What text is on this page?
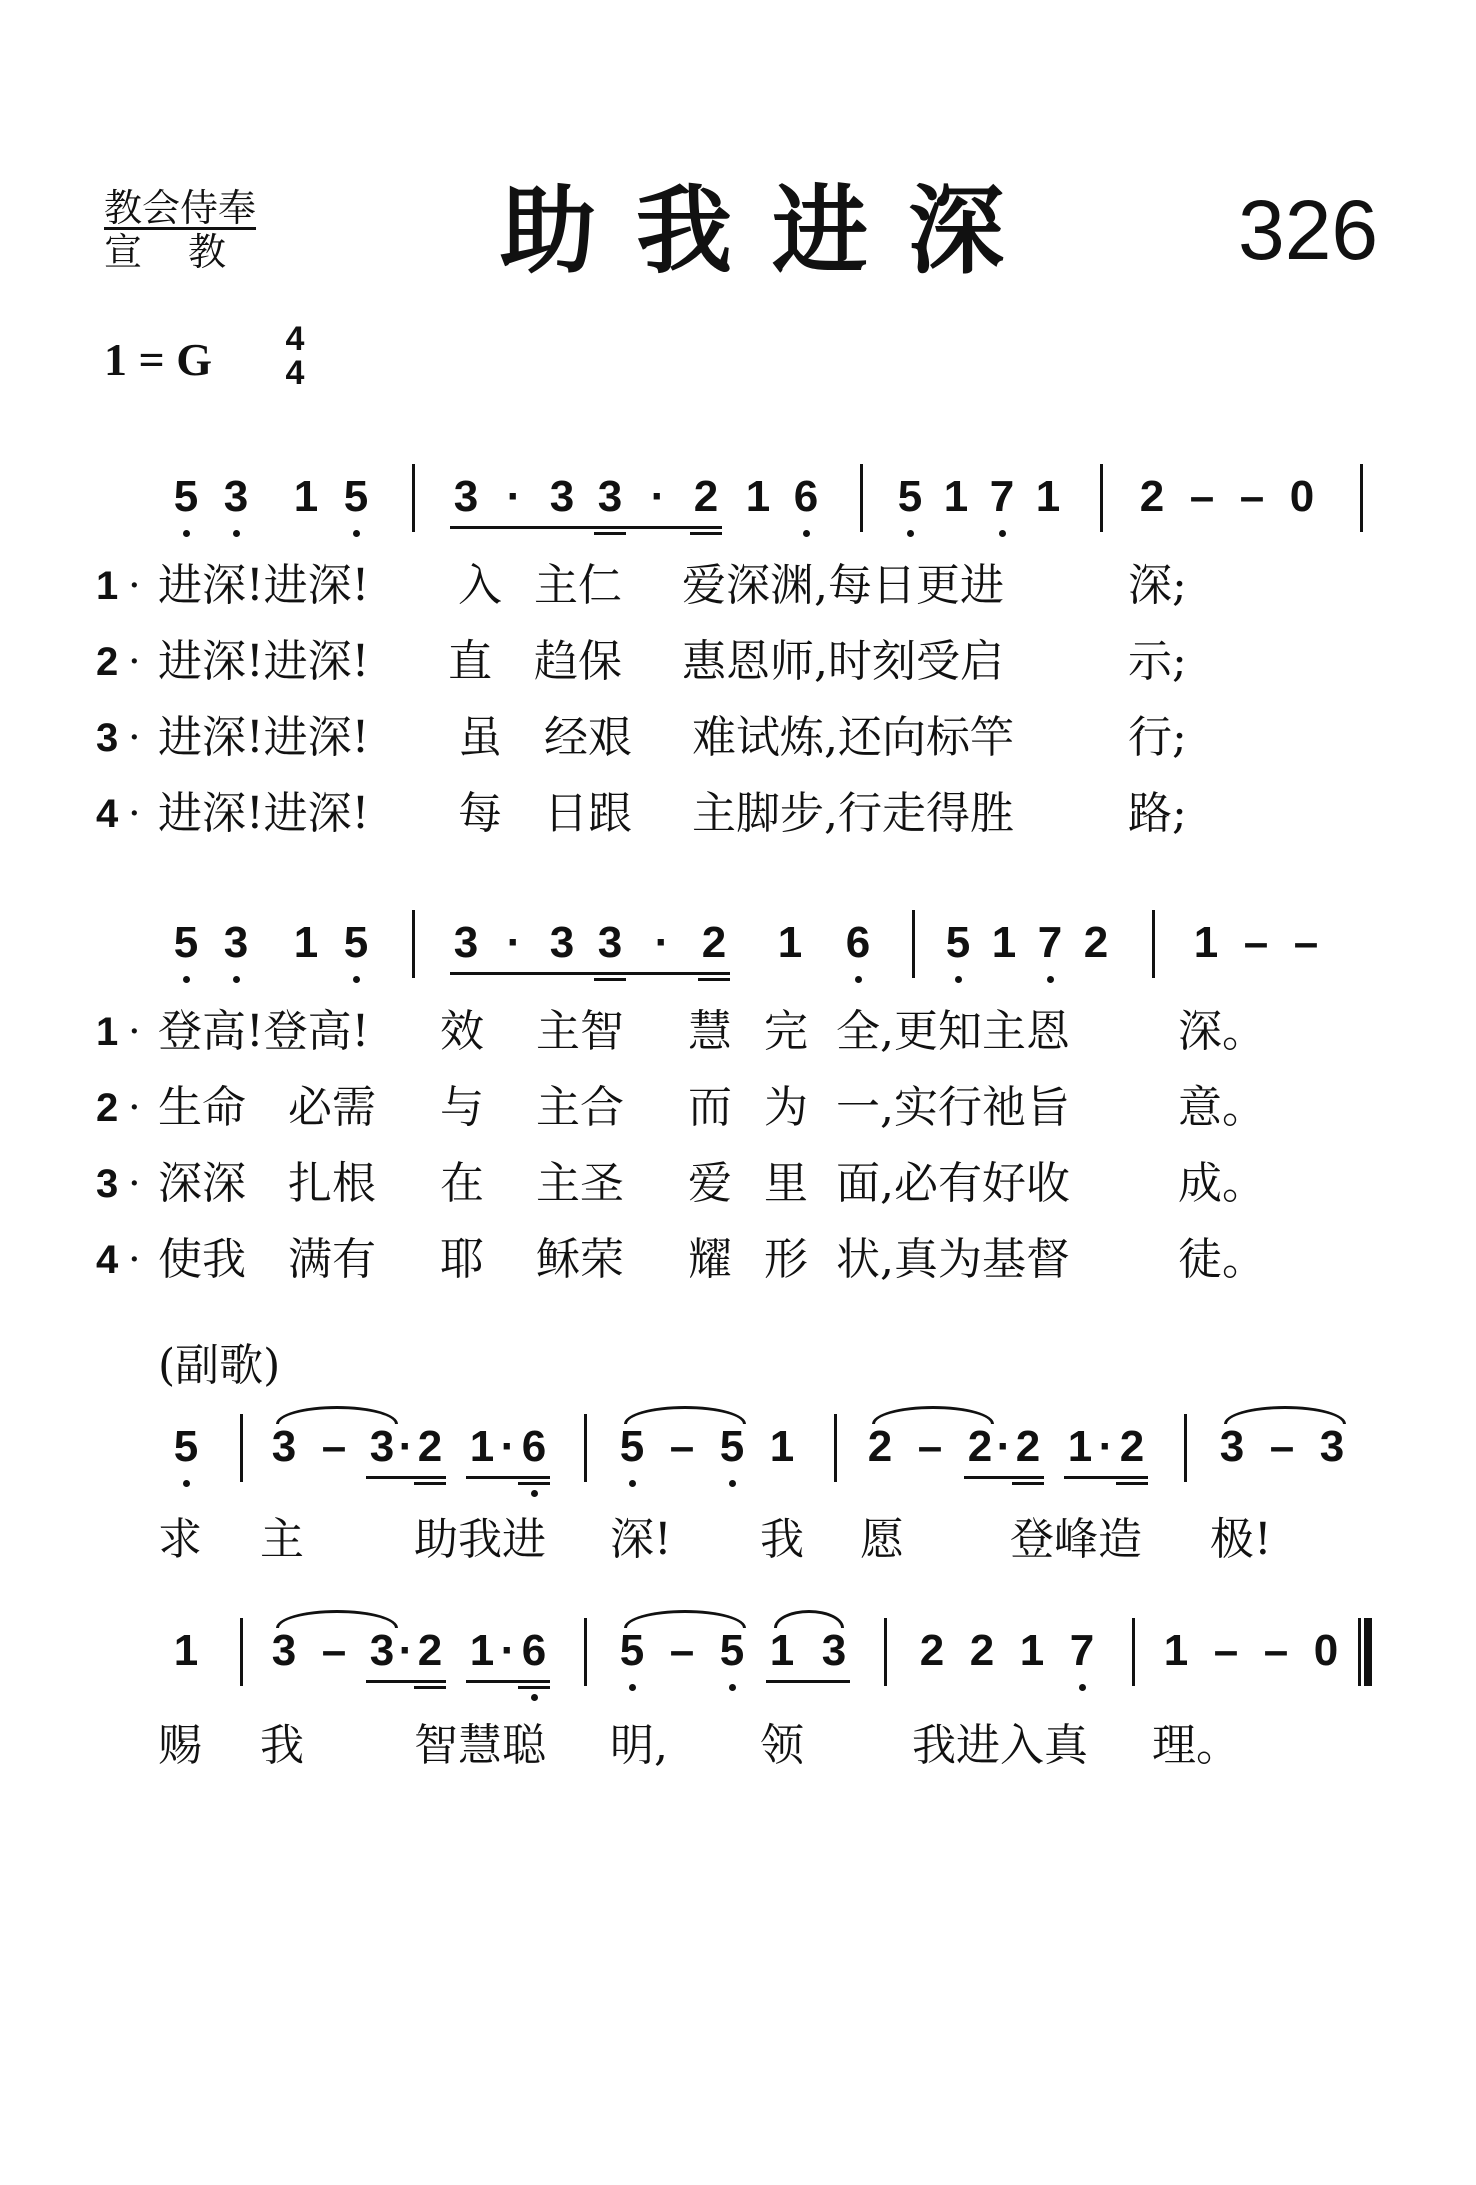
教会侍奉
宣教 助我进深 326
1 = G 4
4
5 3 1 5 3 · 3 3 · 2 1 6 5 1 7 1 2 – – 0
1 · 进深!进深! 入 主仁 爱深渊,每日更进	深;
2 · 进深!进深! 直 趋保 惠恩师,时刻受启	示;
3 · 进深!进深! 虽 经艰 难试炼,还向标竿	行;
4 · 进深!进深! 每 日跟 主脚步,行走得胜	路;
5 3 1 5 3 · 3 3 · 2 1 6 5 1 7 2 1 – –
1 · 登高!登高! 效 主智 慧 完 全,更知主恩 深。
2 · 生命 必需 与 主合 而 为 一,实行祂旨 意。
3 · 深深 扎根 在 主圣 爱 里 面,必有好收 成。
4 · 使我 满有 耶 稣荣 耀 形 状,真为基督 徒。
(副歌)
5 3 – 3 · 2 1 · 6 5 – 5 1 2 – 2 · 2 1 · 2 3 – 3
求 主	助我进 深! 我 愿 登峰造 极!
1 3 – 3 · 2 1 · 6 5 – 5 1 3 2 2 1 7 1 – – 0
赐 我	智慧聪 明, 领 我进入真 理。
